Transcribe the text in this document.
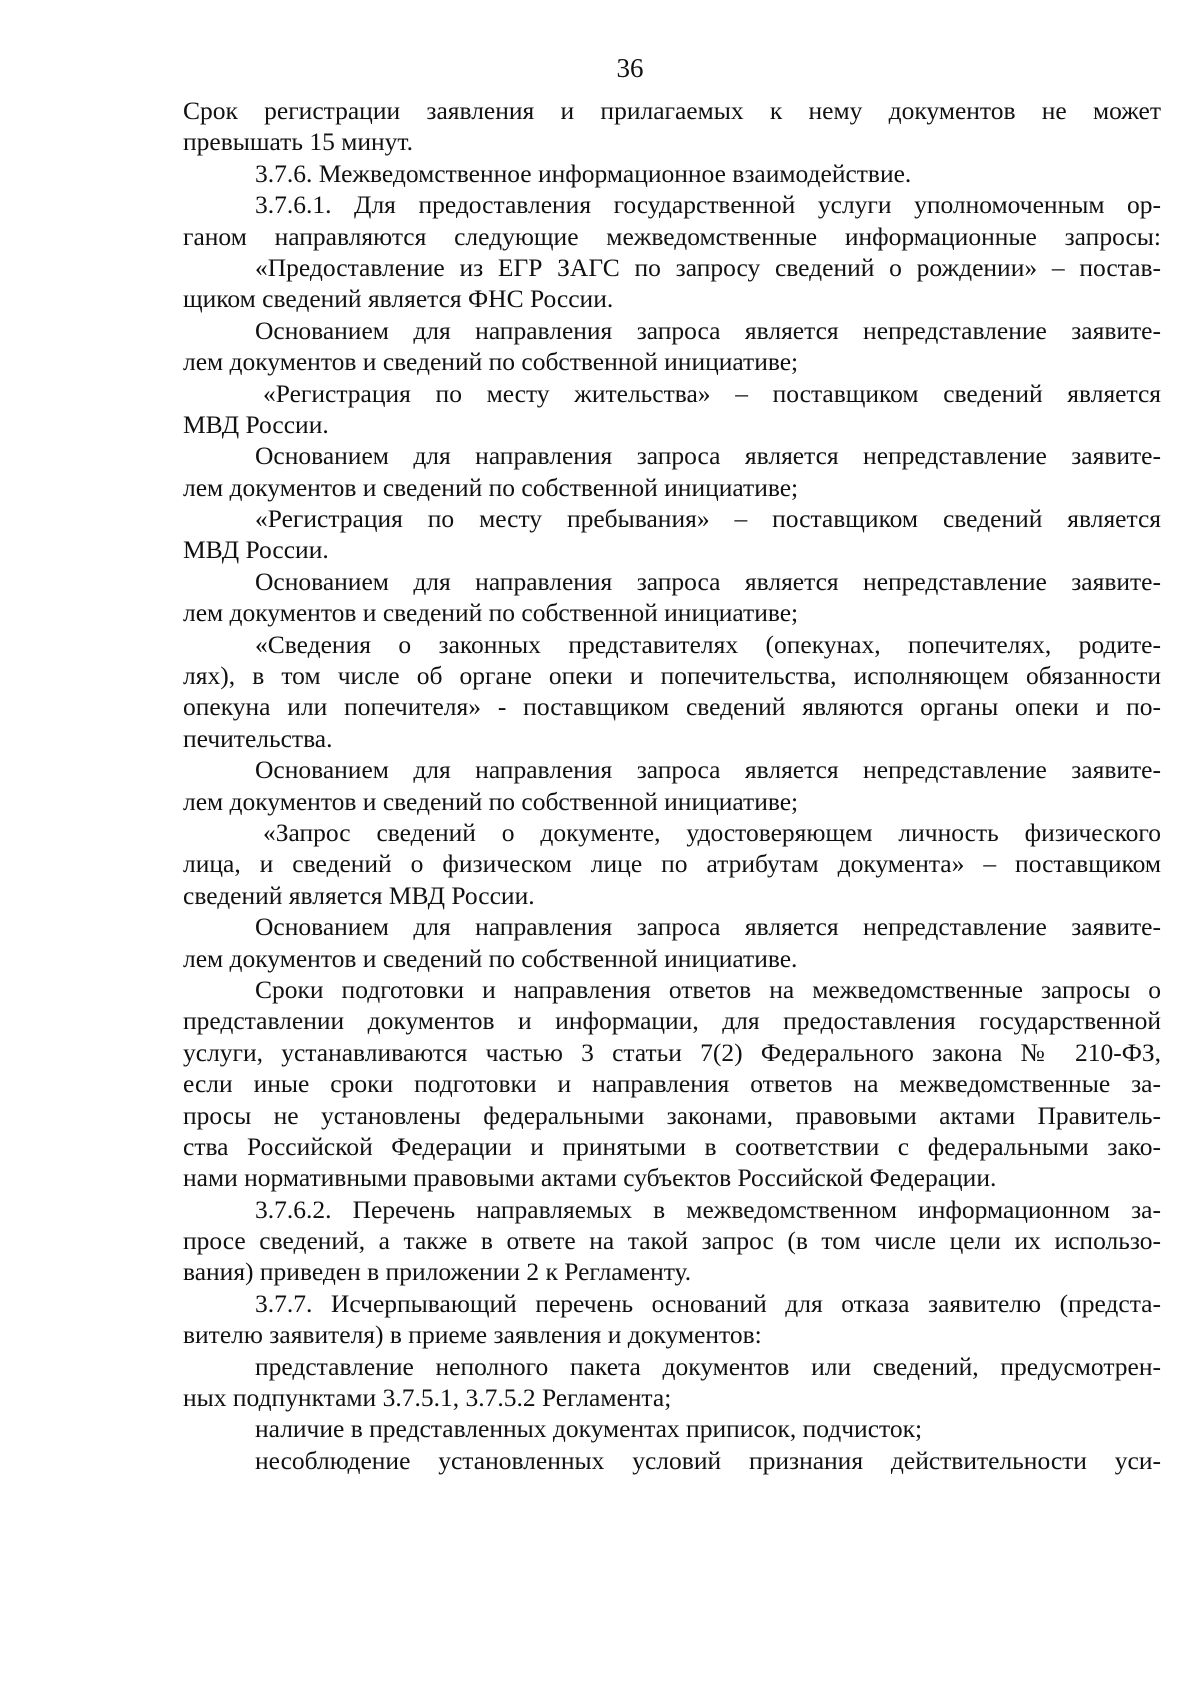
36
Срок регистрации заявления и прилагаемых к нему документов не может
превышать 15 минут.
3.7.6. Межведомственное информационное взаимодействие.
3.7.6.1. Для предоставления государственной услуги уполномоченным ор-
ганом направляются следующие межведомственные информационные запросы:
«Предоставление из ЕГР ЗАГС по запросу сведений о рождении» – постав-
щиком сведений является ФНС России.
Основанием для направления запроса является непредставление заявите-
лем документов и сведений по собственной инициативе;
«Регистрация по месту жительства» – поставщиком сведений является
МВД России.
Основанием для направления запроса является непредставление заявите-
лем документов и сведений по собственной инициативе;
«Регистрация по месту пребывания» – поставщиком сведений является
МВД России.
Основанием для направления запроса является непредставление заявите-
лем документов и сведений по собственной инициативе;
«Сведения о законных представителях (опекунах, попечителях, родите-
лях), в том числе об органе опеки и попечительства, исполняющем обязанности
опекуна или попечителя» - поставщиком сведений являются органы опеки и по-
печительства.
Основанием для направления запроса является непредставление заявите-
лем документов и сведений по собственной инициативе;
«Запрос сведений о документе, удостоверяющем личность физического
лица, и сведений о физическом лице по атрибутам документа» – поставщиком
сведений является МВД России.
Основанием для направления запроса является непредставление заявите-
лем документов и сведений по собственной инициативе.
Сроки подготовки и направления ответов на межведомственные запросы о
представлении документов и информации, для предоставления государственной
услуги, устанавливаются частью 3 статьи 7(2) Федерального закона № 210-ФЗ,
если иные сроки подготовки и направления ответов на межведомственные за-
просы не установлены федеральными законами, правовыми актами Правитель-
ства Российской Федерации и принятыми в соответствии с федеральными зако-
нами нормативными правовыми актами субъектов Российской Федерации.
3.7.6.2. Перечень направляемых в межведомственном информационном за-
просе сведений, а также в ответе на такой запрос (в том числе цели их использо-
вания) приведен в приложении 2 к Регламенту.
3.7.7. Исчерпывающий перечень оснований для отказа заявителю (предста-
вителю заявителя) в приеме заявления и документов:
представление неполного пакета документов или сведений, предусмотрен-
ных подпунктами 3.7.5.1, 3.7.5.2 Регламента;
наличие в представленных документах приписок, подчисток;
несоблюдение установленных условий признания действительности уси-
